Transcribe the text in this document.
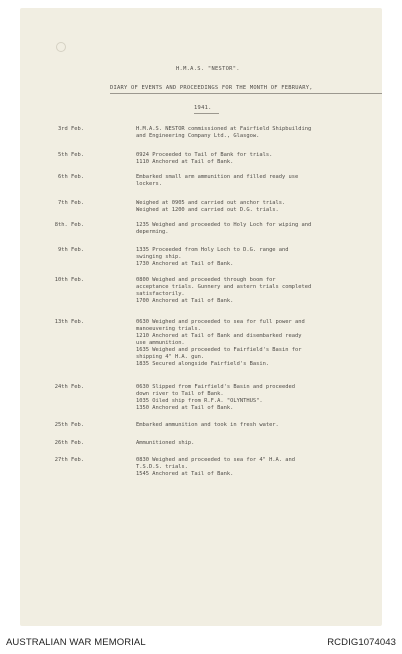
H.M.A.S. "NESTOR".
DIARY OF EVENTS AND PROCEEDINGS FOR THE MONTH OF FEBRUARY,
1941.
3rd Feb.	H.M.A.S. NESTOR commissioned at Fairfield Shipbuilding
and Engineering Company Ltd., Glasgow.
5th Feb.	0924 Proceeded to Tail of Bank for trials.
1110 Anchored at Tail of Bank.
6th Feb.	Embarked small arm ammunition and filled ready use
lockers.
7th Feb.	Weighed at 0905 and carried out anchor trials.
Weighed at 1200 and carried out D.G. trials.
8th. Feb.	1235 Weighed and proceeded to Holy Loch for wiping and
deperming.
9th Feb.	1335 Proceeded from Holy Loch to D.G. range and
swinging ship.
1730 Anchored at Tail of Bank.
10th Feb.	0800 Weighed and proceeded through boom for
acceptance trials. Gunnery and astern trials completed
satisfactorily.
1700 Anchored at Tail of Bank.
13th Feb.	0630 Weighed and proceeded to sea for full power and
manoeuvering trials.
1210 Anchored at Tail of Bank and disembarked ready
use ammunition.
1635 Weighed and proceeded to Fairfield's Basin for
shipping 4" H.A. gun.
1835 Secured alongside Fairfield's Basin.
24th Feb.	0630 Slipped from Fairfield's Basin and proceeded
down river to Tail of Bank.
1035 Oiled ship from R.F.A. "OLYNTHUS".
1350 Anchored at Tail of Bank.
25th Feb.	Embarked ammunition and took in fresh water.
26th Feb.	Ammunitioned ship.
27th Feb.	0830 Weighed and proceeded to sea for 4" H.A. and
T.S.D.S. trials.
1545 Anchored at Tail of Bank.
AUSTRALIAN WAR MEMORIAL	RCDIG1074043
